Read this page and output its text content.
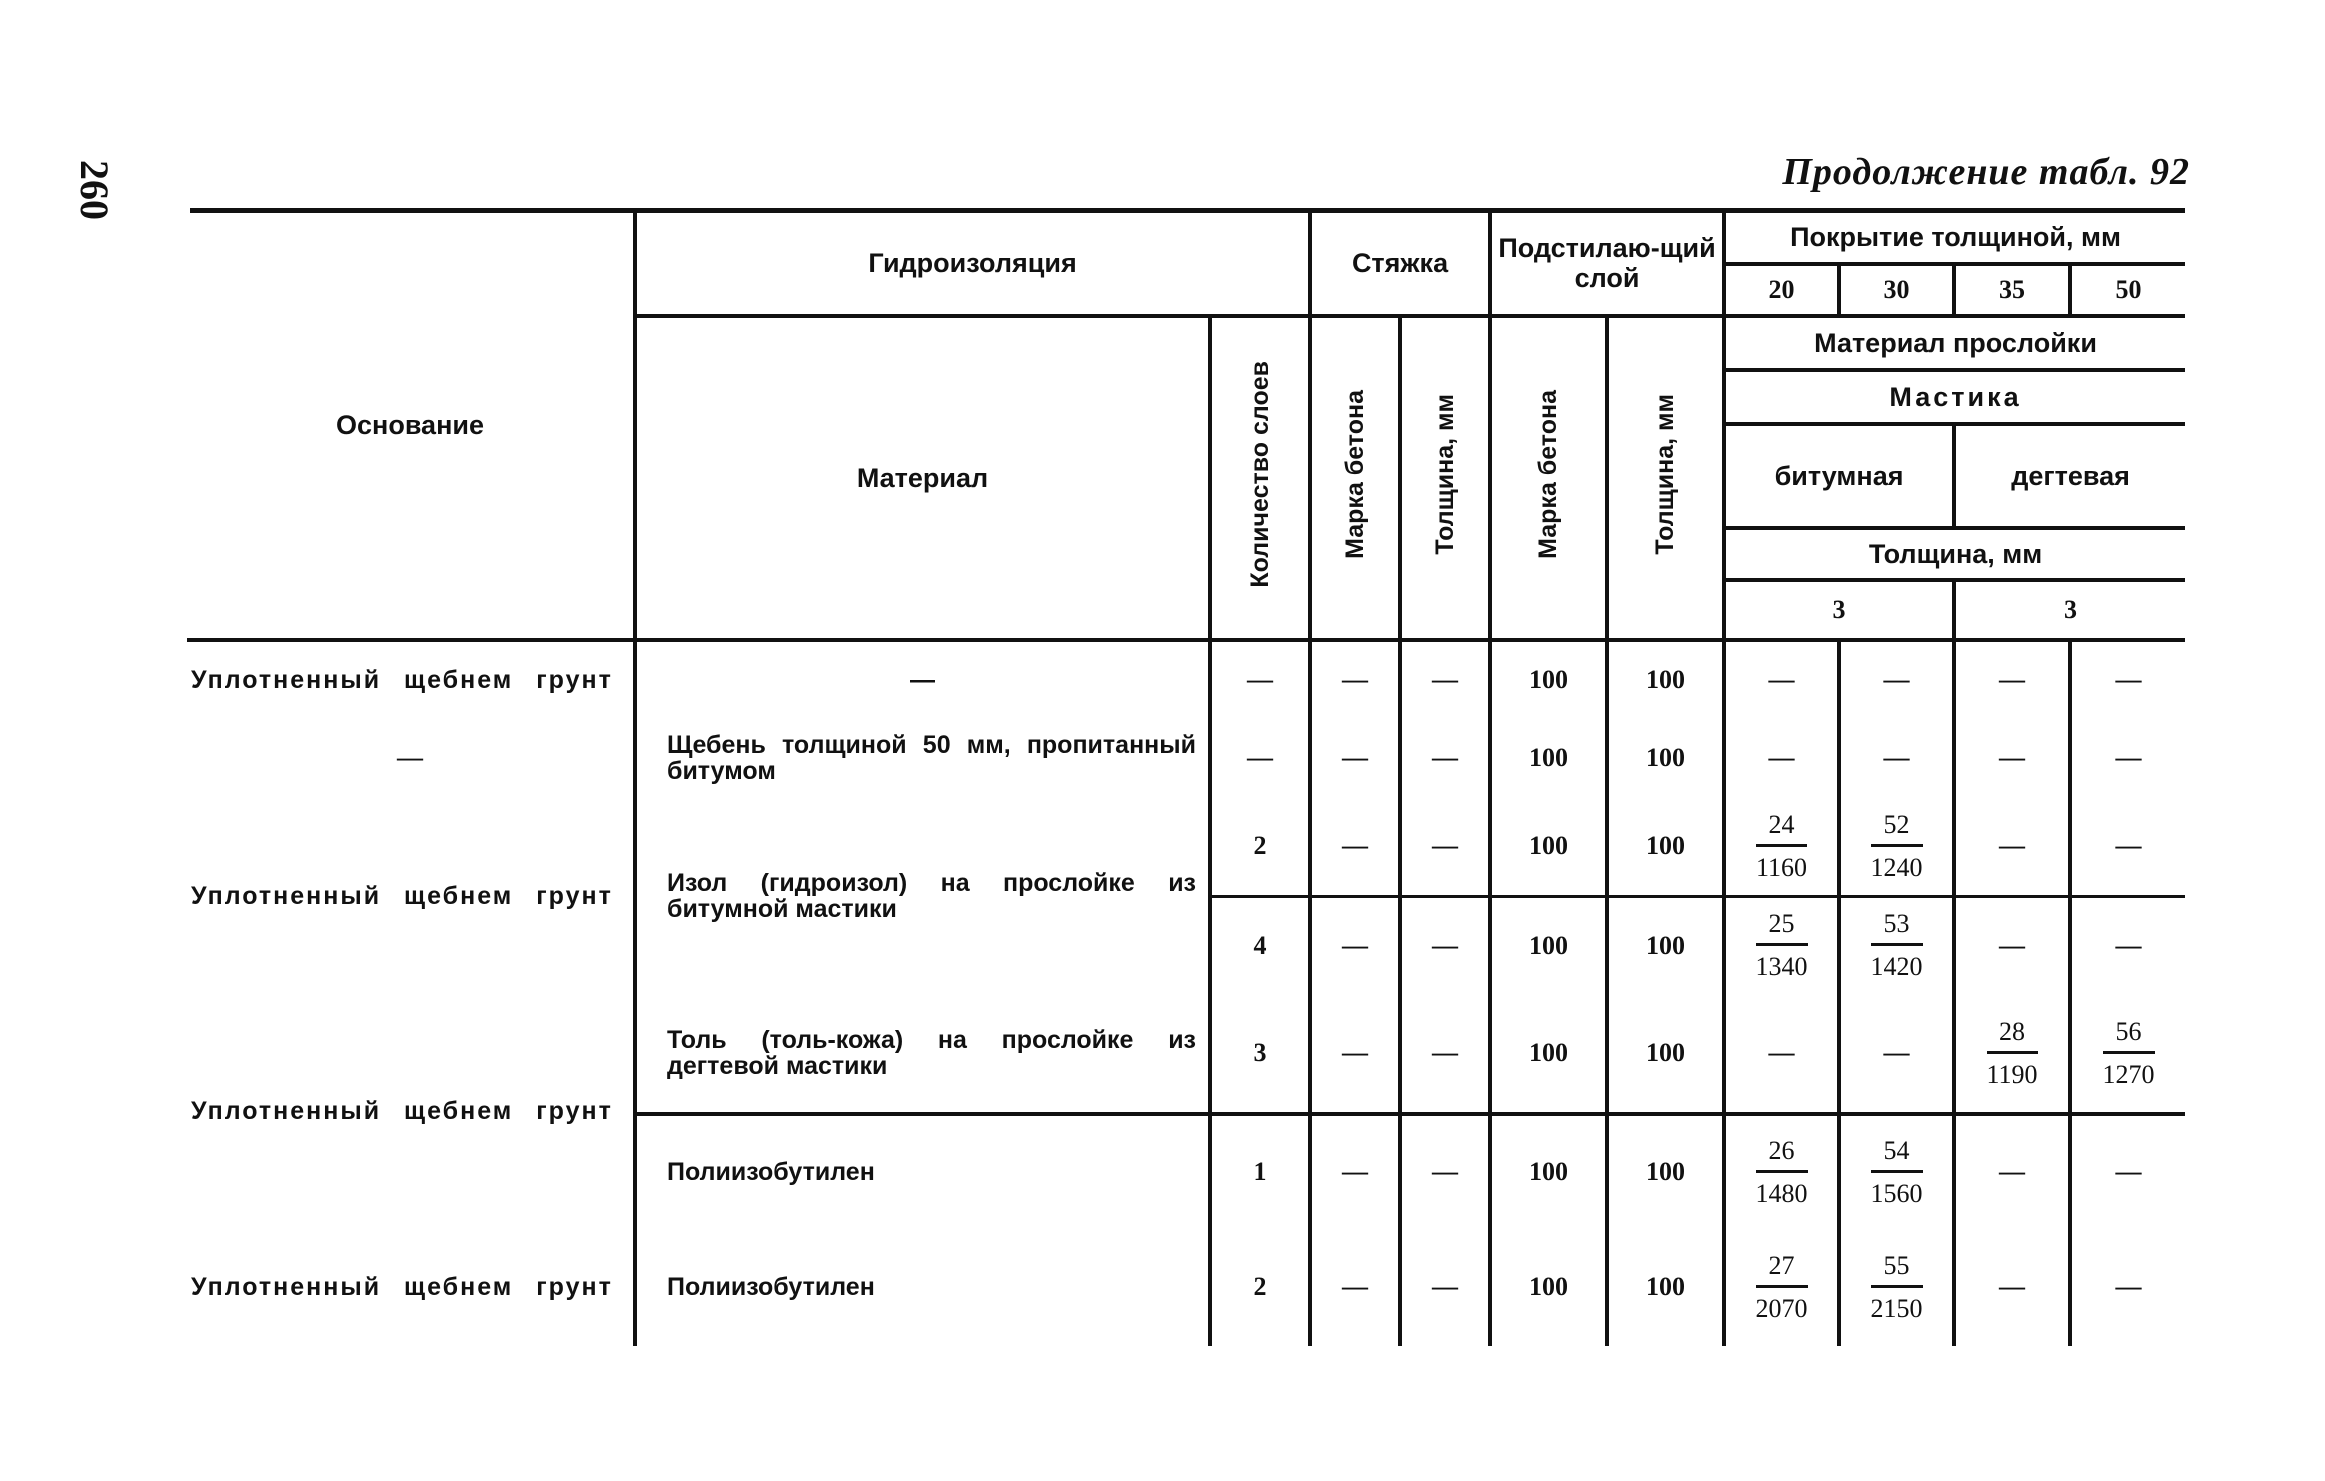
260	Продолжение табл. 92
Основание	Гидроизоляция		Стяжка		Подстилаю-щий слой		Покрытие толщиной, мм			
							20	30	35	50
	Материал	Количество слоев	Марка бетона	Толщина, мм	Марка бетона	Толщина, мм	Материал прослойки			
							Мастика			
							битумная		дегтевая	
							Толщина, мм			
							3		3	
Уплотненный щебнем грунт	—	—	—	—	100	100	—	—	—	—
—	Щебень толщиной 50 мм, пропитанный битумом	—	—	—	100	100	—	—	—	—
Уплотненный щебнем грунт	Изол (гидроизол) на прослойке из битумной мастики	2	—	—	100	100	$\frac{24}{1160}$	$\frac{52}{1240}$	—	—
		4	—	—	100	100	$\frac{25}{1340}$	$\frac{53}{1420}$	—	—
Уплотненный щебнем грунт	Толь (толь-кожа) на прослойке из дегтевой мастики	3	—	—	100	100	—	—	$\frac{28}{1190}$	$\frac{56}{1270}$

	Полиизобутилен	1	—	—	100	100	$\frac{26}{1480}$	$\frac{54}{1560}$	—	—
Уплотненный щебнем грунт	Полиизобутилен	2	—	—	100	100	$\frac{27}{2070}$	$\frac{55}{2150}$	—	—
